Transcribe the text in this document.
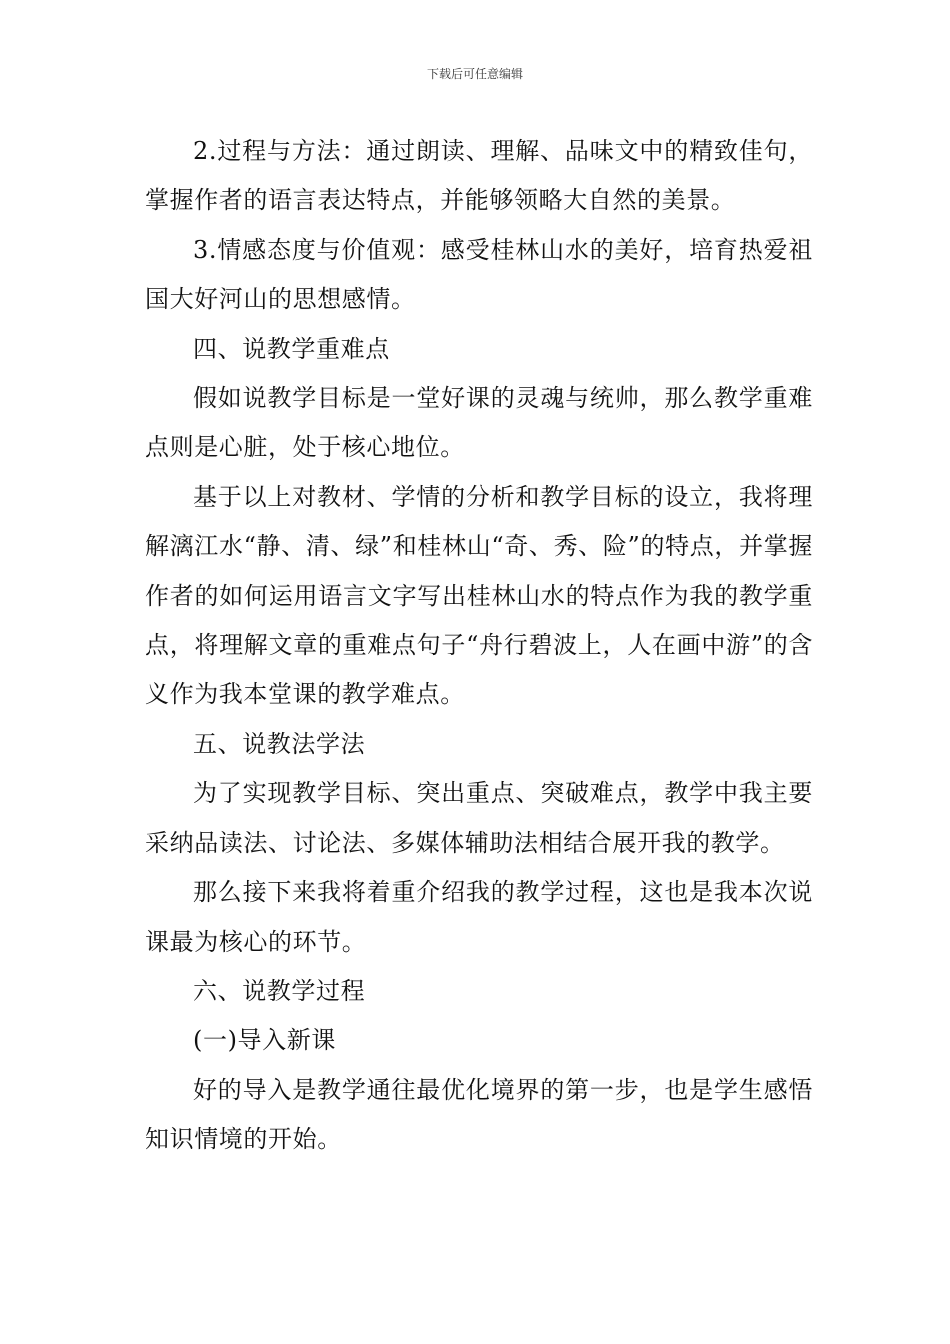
下载后可任意编辑

2.过程与方法：通过朗读、理解、品味文中的精致佳句，掌握作者的语言表达特点，并能够领略大自然的美景。

3.情感态度与价值观：感受桂林山水的美好，培育热爱祖国大好河山的思想感情。

四、说教学重难点

假如说教学目标是一堂好课的灵魂与统帅，那么教学重难点则是心脏，处于核心地位。

基于以上对教材、学情的分析和教学目标的设立，我将理解漓江水“静、清、绿”和桂林山“奇、秀、险”的特点，并掌握作者的如何运用语言文字写出桂林山水的特点作为我的教学重点，将理解文章的重难点句子“舟行碧波上，人在画中游”的含义作为我本堂课的教学难点。

五、说教法学法

为了实现教学目标、突出重点、突破难点，教学中我主要采纳品读法、讨论法、多媒体辅助法相结合展开我的教学。

那么接下来我将着重介绍我的教学过程，这也是我本次说课最为核心的环节。

六、说教学过程

(一)导入新课

好的导入是教学通往最优化境界的第一步，也是学生感悟知识情境的开始。
